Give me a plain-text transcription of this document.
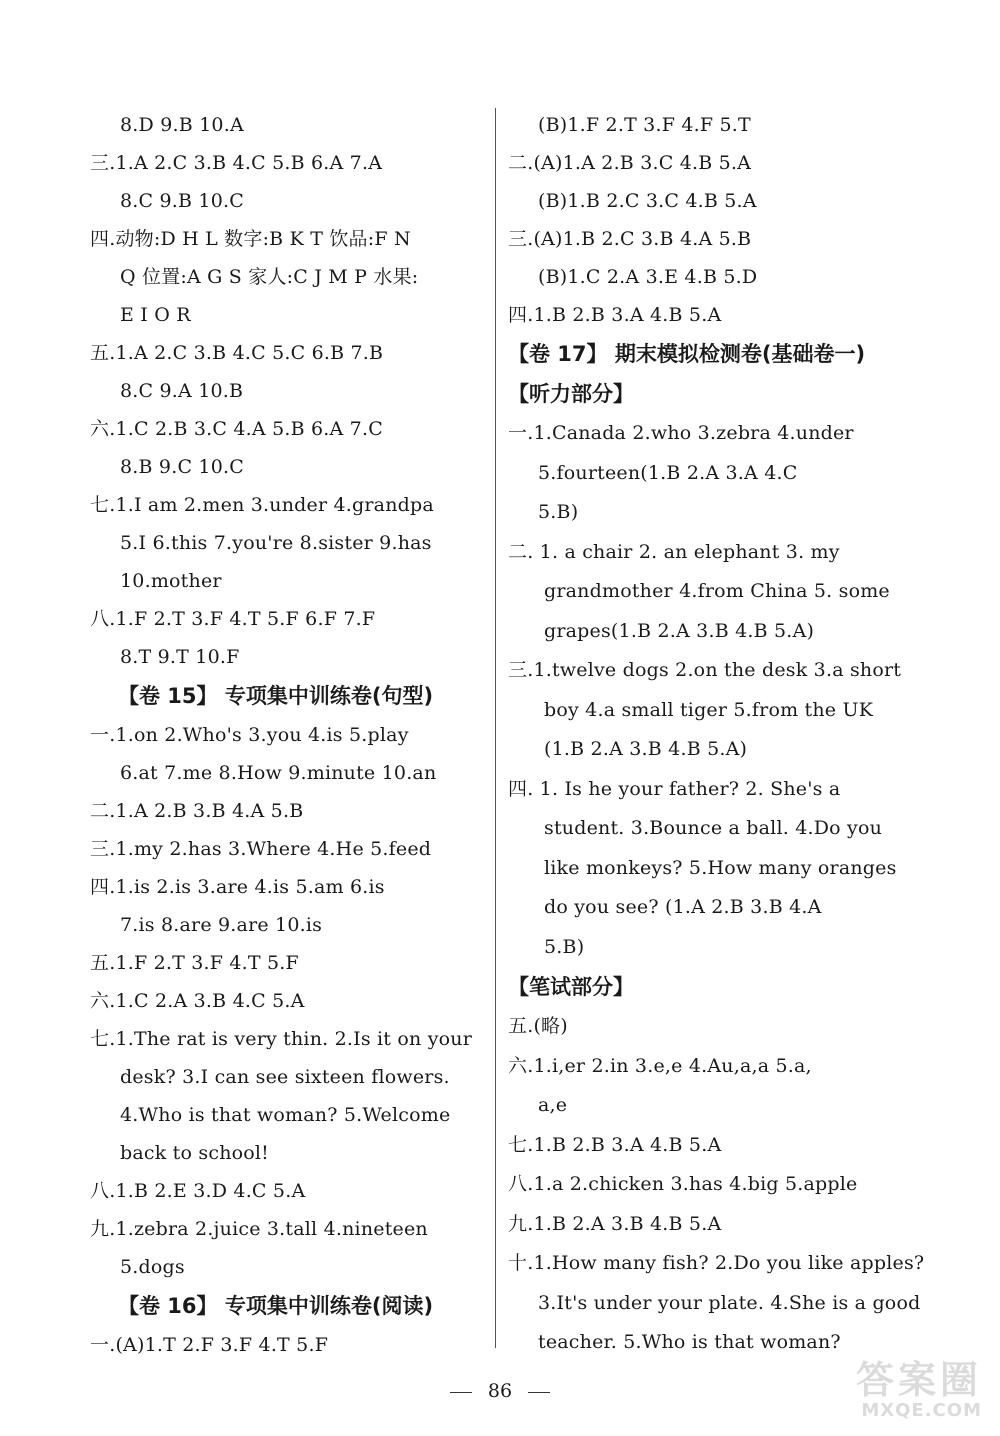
8.D 9.B 10.A
三.1.A 2.C 3.B 4.C 5.B 6.A 7.A
8.C 9.B 10.C
四.动物:D H L 数字:B K T 饮品:F N
Q 位置:A G S 家人:C J M P 水果:
E I O R
五.1.A 2.C 3.B 4.C 5.C 6.B 7.B
8.C 9.A 10.B
六.1.C 2.B 3.C 4.A 5.B 6.A 7.C
8.B 9.C 10.C
七.1.I am 2.men 3.under 4.grandpa
5.I 6.this 7.you're 8.sister 9.has
10.mother
八.1.F 2.T 3.F 4.T 5.F 6.F 7.F
8.T 9.T 10.F
【卷 15】 专项集中训练卷(句型)
一.1.on 2.Who's 3.you 4.is 5.play
6.at 7.me 8.How 9.minute 10.an
二.1.A 2.B 3.B 4.A 5.B
三.1.my 2.has 3.Where 4.He 5.feed
四.1.is 2.is 3.are 4.is 5.am 6.is
7.is 8.are 9.are 10.is
五.1.F 2.T 3.F 4.T 5.F
六.1.C 2.A 3.B 4.C 5.A
七.1.The rat is very thin. 2.Is it on your
desk? 3.I can see sixteen flowers.
4.Who is that woman? 5.Welcome
back to school!
八.1.B 2.E 3.D 4.C 5.A
九.1.zebra 2.juice 3.tall 4.nineteen
5.dogs
【卷 16】 专项集中训练卷(阅读)
一.(A)1.T 2.F 3.F 4.T 5.F
(B)1.F 2.T 3.F 4.F 5.T
二.(A)1.A 2.B 3.C 4.B 5.A
(B)1.B 2.C 3.C 4.B 5.A
三.(A)1.B 2.C 3.B 4.A 5.B
(B)1.C 2.A 3.E 4.B 5.D
四.1.B 2.B 3.A 4.B 5.A
【卷 17】 期末模拟检测卷(基础卷一)
【听力部分】
一.1.Canada 2.who 3.zebra 4.under
5.fourteen(1.B 2.A 3.A 4.C
5.B)
二. 1. a chair 2. an elephant 3. my
grandmother 4.from China 5. some
grapes(1.B 2.A 3.B 4.B 5.A)
三.1.twelve dogs 2.on the desk 3.a short
boy 4.a small tiger 5.from the UK
(1.B 2.A 3.B 4.B 5.A)
四. 1. Is he your father? 2. She's a
student. 3.Bounce a ball. 4.Do you
like monkeys? 5.How many oranges
do you see? (1.A 2.B 3.B 4.A
5.B)
【笔试部分】
五.(略)
六.1.i,er 2.in 3.e,e 4.Au,a,a 5.a,
a,e
七.1.B 2.B 3.A 4.B 5.A
八.1.a 2.chicken 3.has 4.big 5.apple
九.1.B 2.A 3.B 4.B 5.A
十.1.How many fish? 2.Do you like apples?
3.It's under your plate. 4.She is a good
teacher. 5.Who is that woman?
86	答案圈
MXQE.COM
